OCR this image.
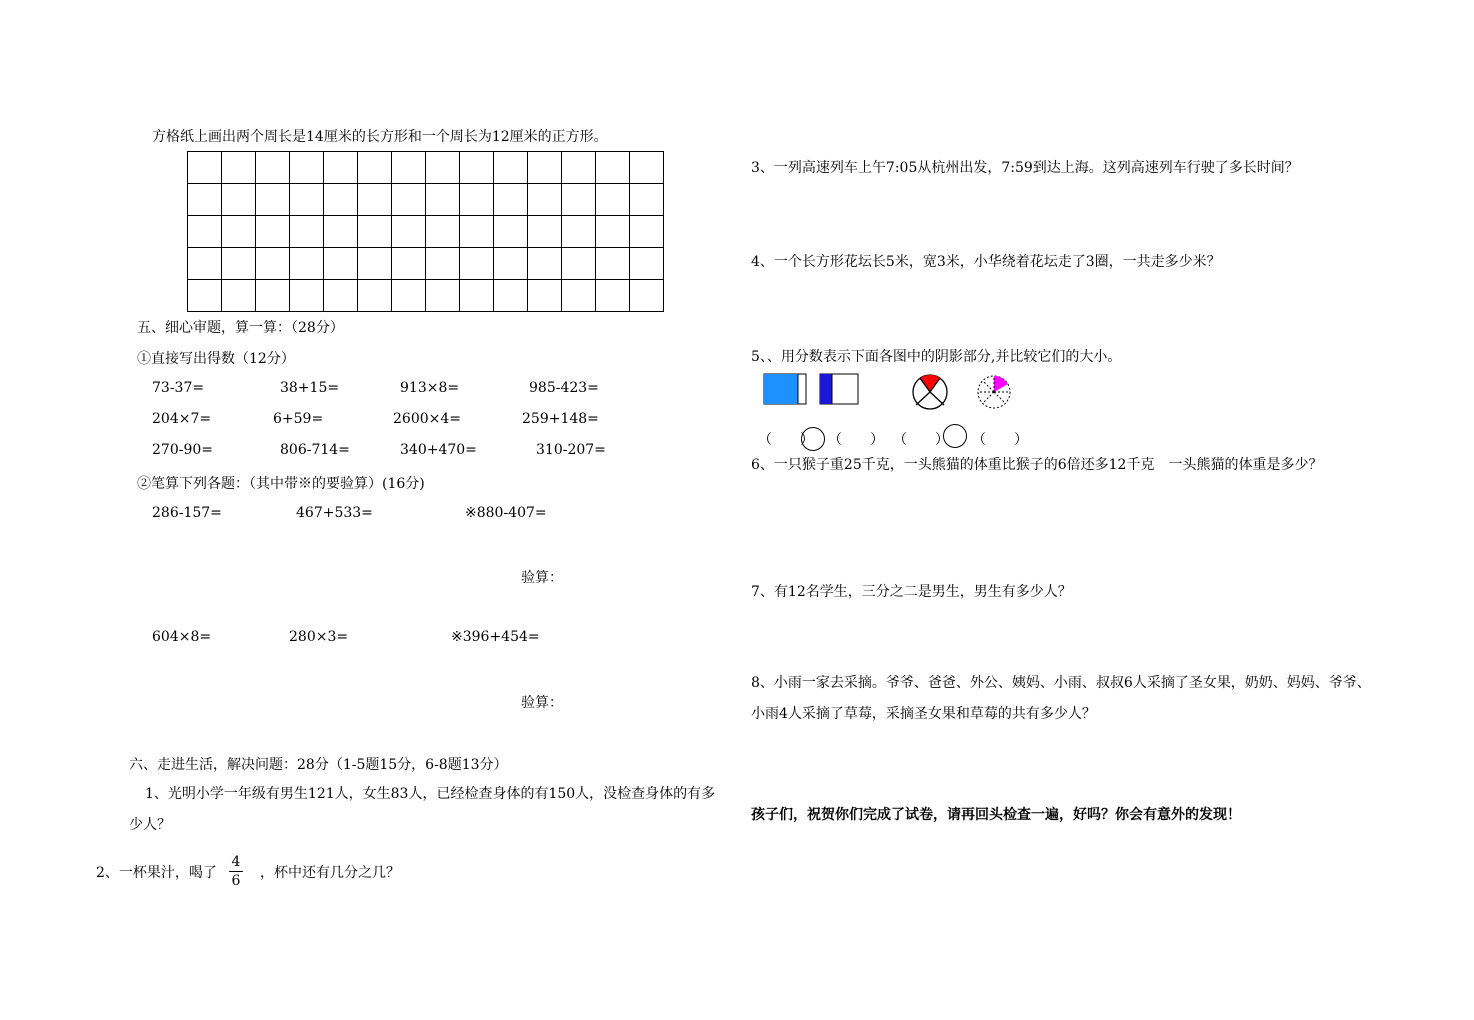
方格纸上画出两个周长是14厘米的长方形和一个周长为12厘米的正方形。

五、细心审题，算一算：（28分）
①直接写出得数（12分）
73-37=	38+15=	913×8=	985-423=
204×7=	6+59=	2600×4=	259+148=
270-90=	806-714=	340+470=	310-207=
②笔算下列各题：（其中带※的要验算）(16分)
286-157=	467+533=	※880-407=
验算：
604×8=	280×3=	※396+454=
验算：
六、走进生活，解决问题：28分（1-5题15分，6-8题13分）
1、光明小学一年级有男生121人，女生83人，已经检查身体的有150人，没检查身体的有多少人？
2、一杯果汁，喝了
4
6 ，杯中还有几分之几？
3、一列高速列车上午7:05从杭州出发，7:59到达上海。这列高速列车行驶了多长时间？
4、一个长方形花坛长5米，宽3米，小华绕着花坛走了3圈，一共走多少米？
5、、用分数表示下面各图中的阴影部分,并比较它们的大小。
（　　） （　　） （　　） （　　）
6、一只猴子重25千克，一头熊猫的体重比猴子的6倍还多12千克　一头熊猫的体重是多少？
7、有12名学生，三分之二是男生，男生有多少人？
8、小雨一家去采摘。爷爷、爸爸、外公、姨妈、小雨、叔叔6人采摘了圣女果，奶奶、妈妈、爷爷、小雨4人采摘了草莓，采摘圣女果和草莓的共有多少人？
孩子们，祝贺你们完成了试卷，请再回头检查一遍，好吗？你会有意外的发现！
